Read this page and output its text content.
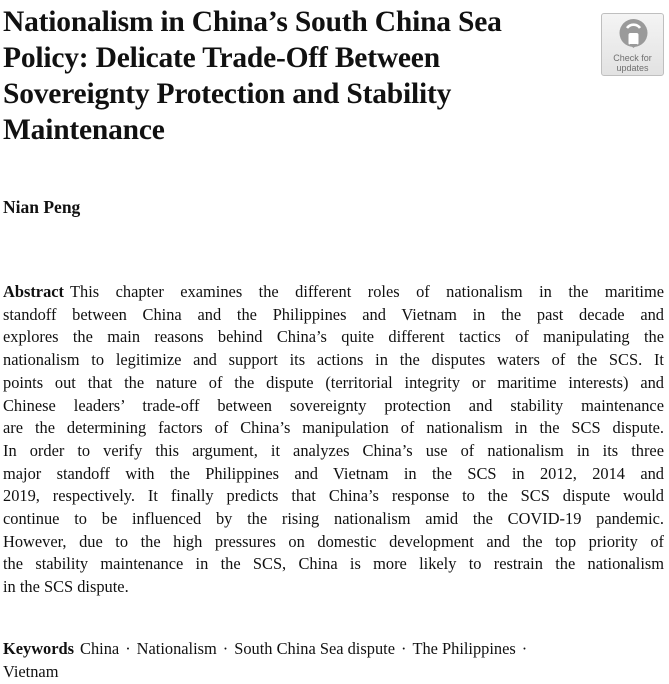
Nationalism in China’s South China Sea
Policy: Delicate Trade-Off Between
Sovereignty Protection and Stability
Maintenance
Check for
updates

Nian Peng

Abstract This chapter examines the different roles of nationalism in the maritime
standoff between China and the Philippines and Vietnam in the past decade and
explores the main reasons behind China’s quite different tactics of manipulating the
nationalism to legitimize and support its actions in the disputes waters of the SCS. It
points out that the nature of the dispute (territorial integrity or maritime interests) and
Chinese leaders’ trade-off between sovereignty protection and stability maintenance
are the determining factors of China’s manipulation of nationalism in the SCS dispute.
In order to verify this argument, it analyzes China’s use of nationalism in its three
major standoff with the Philippines and Vietnam in the SCS in 2012, 2014 and
2019, respectively. It finally predicts that China’s response to the SCS dispute would
continue to be influenced by the rising nationalism amid the COVID-19 pandemic.
However, due to the high pressures on domestic development and the top priority of
the stability maintenance in the SCS, China is more likely to restrain the nationalism
in the SCS dispute.
Keywords China · Nationalism · South China Sea dispute · The Philippines ·
Vietnam
